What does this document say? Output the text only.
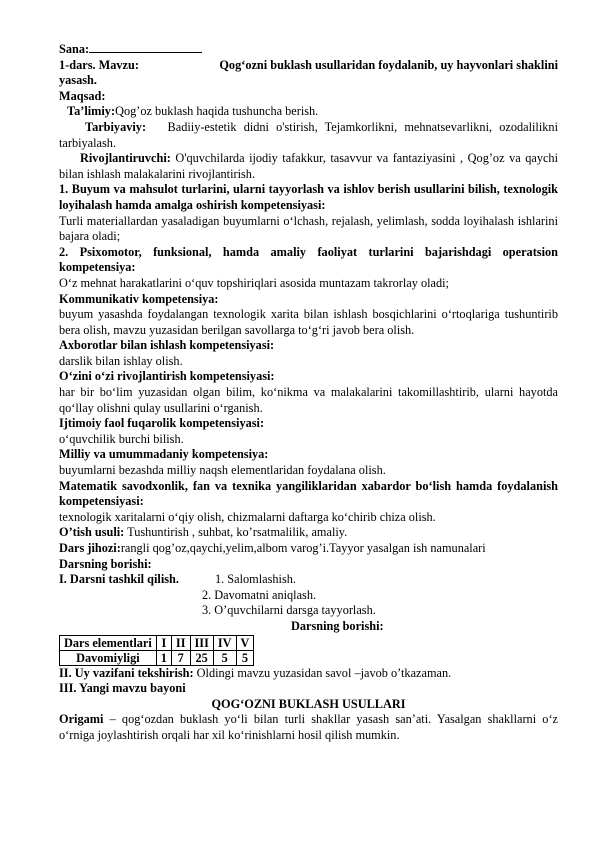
Sana:

1-dars. Mavzu:	Qog‘ozni buklash usullaridan foydalanib, uy hayvonlari shaklini

yasash.

Maqsad:

Ta’limiy:Qog’oz buklash haqida tushuncha berish.

Tarbiyaviy: Badiiy-estetik didni o'stirish, Tejamkorlikni, mehnatsevarlikni, ozodalilikni tarbiyalash.

Rivojlantiruvchi: O'quvchilarda ijodiy tafakkur, tasavvur va fantaziyasini , Qog’oz va qaychi bilan ishlash malakalarini rivojlantirish.

1. Buyum va mahsulot turlarini, ularni tayyorlash va ishlov berish usullarini bilish, texnologik loyihalash hamda amalga oshirish kompetensiyasi:

Turli materiallardan yasaladigan buyumlarni o‘lchash, rejalash, yelimlash, sodda loyihalash ishlarini bajara oladi;

2. Psixomotor, funksional, hamda amaliy faoliyat turlarini bajarishdagi operatsion kompetensiya:

O‘z mehnat harakatlarini o‘quv topshiriqlari asosida muntazam takrorlay oladi;

Kommunikativ kompetensiya:

buyum yasashda foydalangan texnologik xarita bilan ishlash bosqichlarini o‘rtoqlariga tushuntirib bera olish, mavzu yuzasidan berilgan savollarga to‘g‘ri javob bera olish.

Axborotlar bilan ishlash kompetensiyasi:

darslik bilan ishlay olish.

O‘zini o‘zi rivojlantirish kompetensiyasi:

har bir bo‘lim yuzasidan olgan bilim, ko‘nikma va malakalarini takomillashtirib, ularni hayotda qo‘llay olishni qulay usullarini o‘rganish.

Ijtimoiy faol fuqarolik kompetensiyasi:

o‘quvchilik burchi bilish.

Milliy va umummadaniy kompetensiya:

buyumlarni bezashda milliy naqsh elementlaridan foydalana olish.

Matematik savodxonlik, fan va texnika yangiliklaridan xabardor bo‘lish hamda foydalanish kompetensiyasi:

texnologik xaritalarni o‘qiy olish, chizmalarni daftarga ko‘chirib chiza olish.

O’tish usuli: Tushuntirish , suhbat, ko’rsatmalilik, amaliy.

Dars jihozi:rangli qog’oz,qaychi,yelim,albom varog’i.Tayyor yasalgan ish namunalari

Darsning borishi:

I. Darsni tashkil qilish.	1. Salomlashish.

2. Davomatni aniqlash.

3. O’quvchilarni darsga tayyorlash.

Darsning borishi:

Dars elementlari	I	II	III	IV	V
Davomiyligi	1	7	25	5	5

II. Uy vazifani tekshirish: Oldingi mavzu yuzasidan savol –javob o’tkazaman.

III. Yangi mavzu bayoni

QOG‘OZNI BUKLASH USULLARI

Origami – qog‘ozdan buklash yo‘li bilan turli shakllar yasash san’ati. Yasalgan shakllarni o‘z o‘rniga joylashtirish orqali har xil ko‘rinishlarni hosil qilish mumkin.
